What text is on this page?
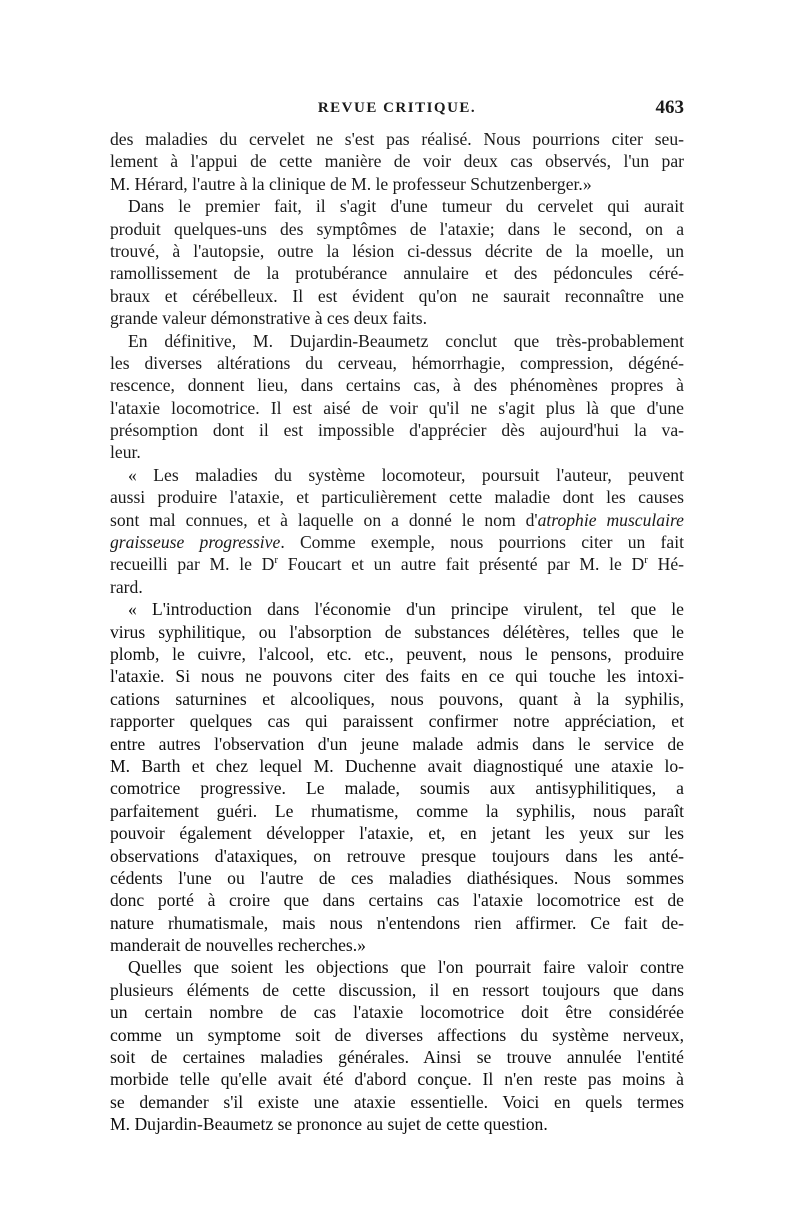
REVUE CRITIQUE.	463
des maladies du cervelet ne s'est pas réalisé. Nous pourrions citer seu-
lement à l'appui de cette manière de voir deux cas observés, l'un par
M. Hérard, l'autre à la clinique de M. le professeur Schutzenberger.»
Dans le premier fait, il s'agit d'une tumeur du cervelet qui aurait
produit quelques-uns des symptômes de l'ataxie; dans le second, on a
trouvé, à l'autopsie, outre la lésion ci-dessus décrite de la moelle, un
ramollissement de la protubérance annulaire et des pédoncules céré-
braux et cérébelleux. Il est évident qu'on ne saurait reconnaître une
grande valeur démonstrative à ces deux faits.
En définitive, M. Dujardin-Beaumetz conclut que très-probablement
les diverses altérations du cerveau, hémorrhagie, compression, dégéné-
rescence, donnent lieu, dans certains cas, à des phénomènes propres à
l'ataxie locomotrice. Il est aisé de voir qu'il ne s'agit plus là que d'une
présomption dont il est impossible d'apprécier dès aujourd'hui la va-
leur.
« Les maladies du système locomoteur, poursuit l'auteur, peuvent
aussi produire l'ataxie, et particulièrement cette maladie dont les causes
sont mal connues, et à laquelle on a donné le nom d'atrophie musculaire
graisseuse progressive. Comme exemple, nous pourrions citer un fait
recueilli par M. le $D^r$ Foucart et un autre fait présenté par M. le $D^r$ Hé-
rard.
« L'introduction dans l'économie d'un principe virulent, tel que le
virus syphilitique, ou l'absorption de substances délétères, telles que le
plomb, le cuivre, l'alcool, etc. etc., peuvent, nous le pensons, produire
l'ataxie. Si nous ne pouvons citer des faits en ce qui touche les intoxi-
cations saturnines et alcooliques, nous pouvons, quant à la syphilis,
rapporter quelques cas qui paraissent confirmer notre appréciation, et
entre autres l'observation d'un jeune malade admis dans le service de
M. Barth et chez lequel M. Duchenne avait diagnostiqué une ataxie lo-
comotrice progressive. Le malade, soumis aux antisyphilitiques, a
parfaitement guéri. Le rhumatisme, comme la syphilis, nous paraît
pouvoir également développer l'ataxie, et, en jetant les yeux sur les
observations d'ataxiques, on retrouve presque toujours dans les anté-
cédents l'une ou l'autre de ces maladies diathésiques. Nous sommes
donc porté à croire que dans certains cas l'ataxie locomotrice est de
nature rhumatismale, mais nous n'entendons rien affirmer. Ce fait de-
manderait de nouvelles recherches.»
Quelles que soient les objections que l'on pourrait faire valoir contre
plusieurs éléments de cette discussion, il en ressort toujours que dans
un certain nombre de cas l'ataxie locomotrice doit être considérée
comme un symptome soit de diverses affections du système nerveux,
soit de certaines maladies générales. Ainsi se trouve annulée l'entité
morbide telle qu'elle avait été d'abord conçue. Il n'en reste pas moins à
se demander s'il existe une ataxie essentielle. Voici en quels termes
M. Dujardin-Beaumetz se prononce au sujet de cette question.
